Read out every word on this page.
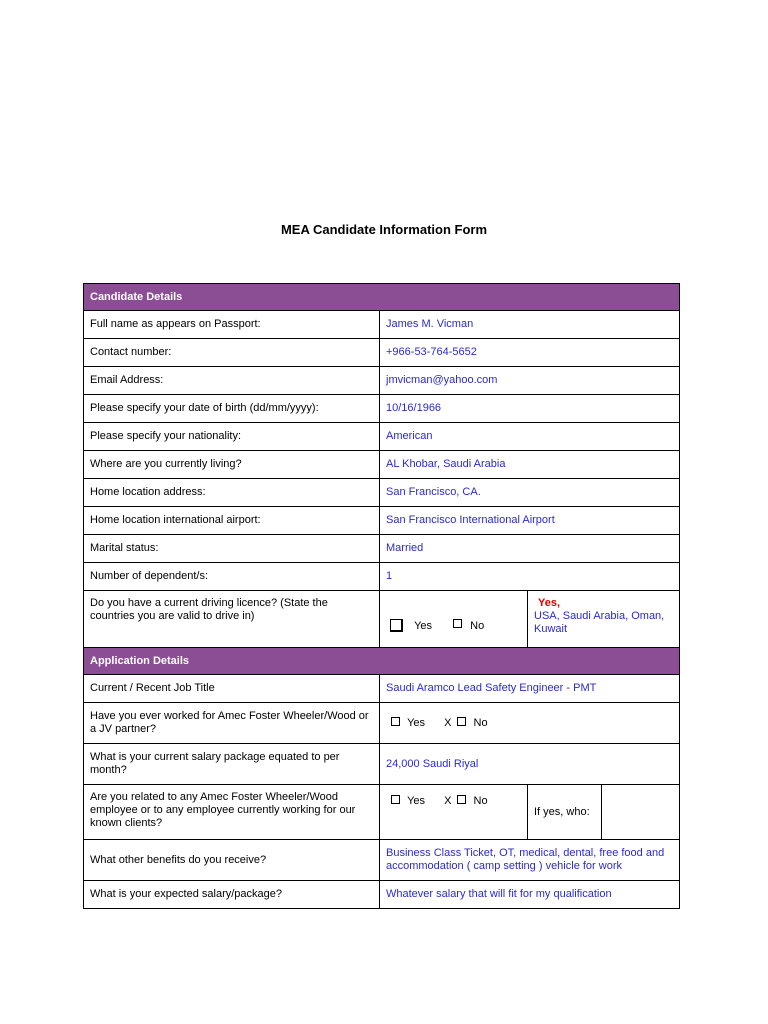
MEA Candidate Information Form
Candidate Details			
Full name as appears on Passport:	James M. Vicman		
Contact number:	+966-53-764-5652		
Email Address:	jmvicman@yahoo.com		
Please specify your date of birth (dd/mm/yyyy):	10/16/1966		
Please specify your nationality:	American		
Where are you currently living?	AL Khobar, Saudi Arabia		
Home location address:	San Francisco, CA.		
Home location international airport:	San Francisco International Airport		
Marital status:	Married		
Number of dependent/s:	1		
Do you have a current driving licence? (State the countries you are valid to drive in)	Yes No	Yes,
USA, Saudi Arabia, Oman, Kuwait	

Application Details			
Current / Recent Job Title	Saudi Aramco Lead Safety Engineer - PMT		
Have you ever worked for Amec Foster Wheeler/Wood or a JV partner?	Yes X No		
What is your current salary package equated to per month?	24,000 Saudi Riyal		
Are you related to any Amec Foster Wheeler/Wood employee or to any employee currently working for our known clients?	Yes X No	If yes, who:	
What other benefits do you receive?	Business Class Ticket, OT, medical, dental, free food and accommodation ( camp setting ) vehicle for work		
What is your expected salary/package?	Whatever salary that will fit for my qualification		
